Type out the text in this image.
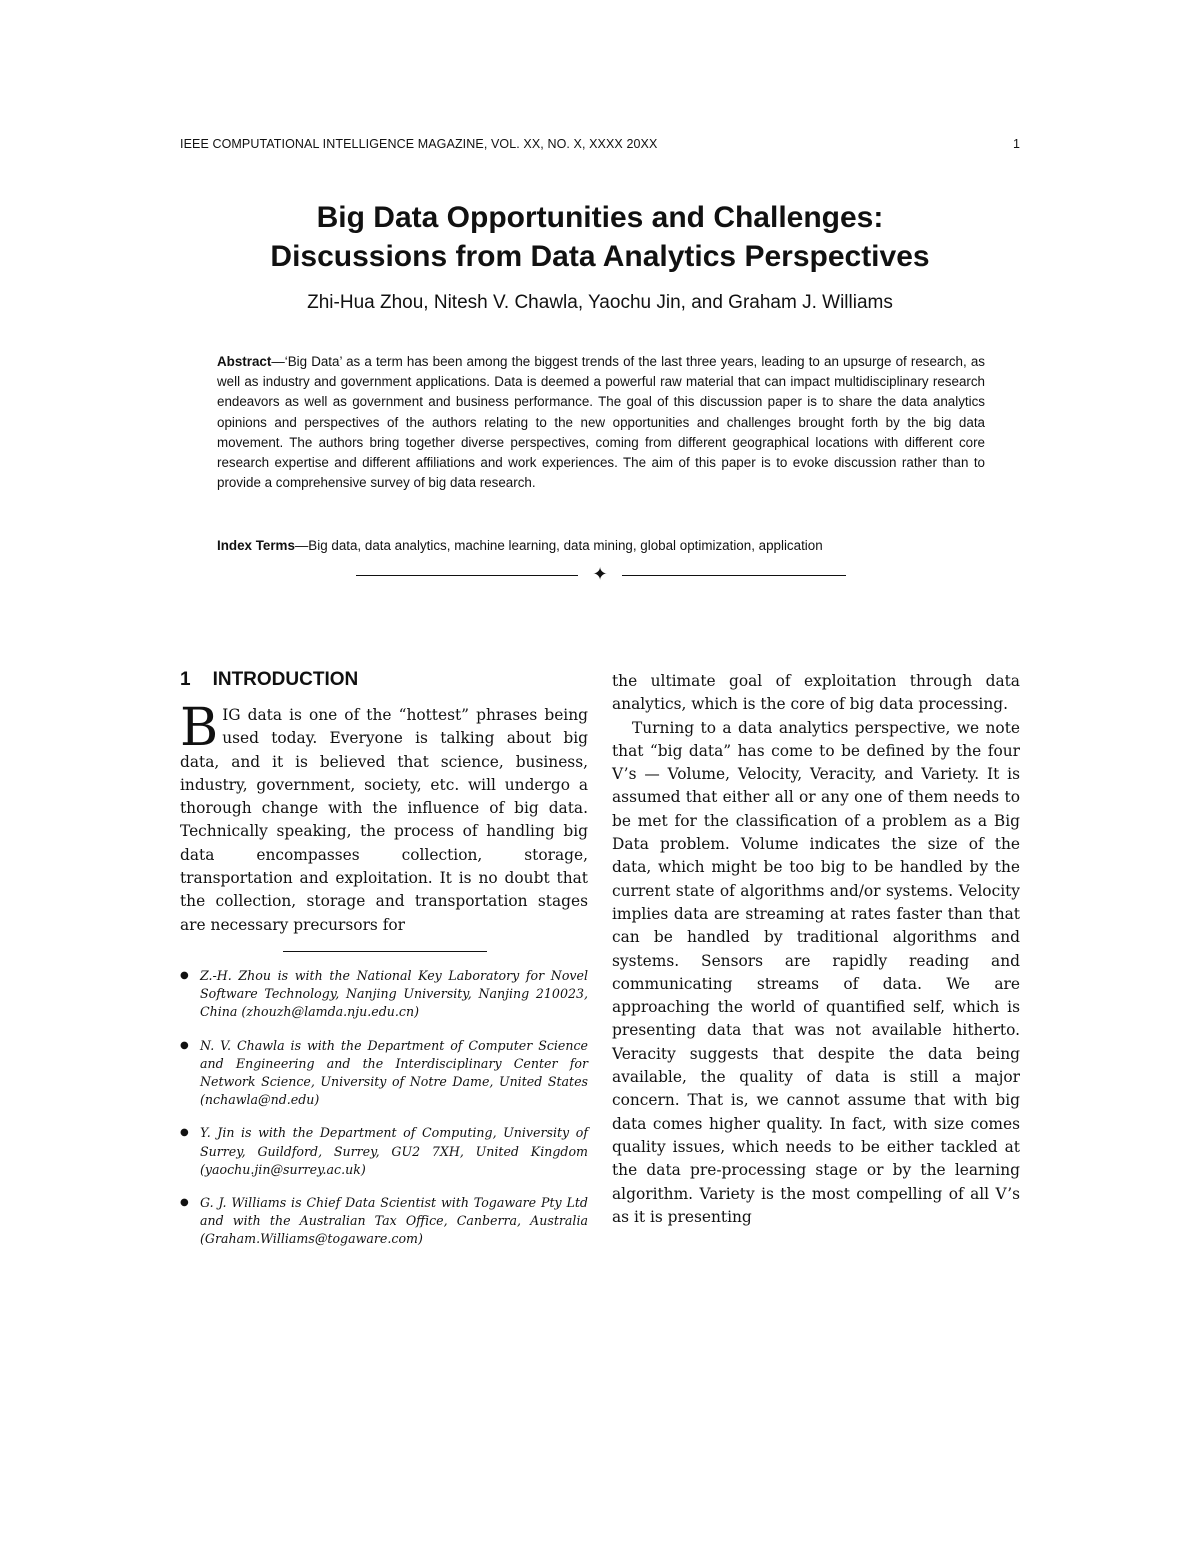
IEEE COMPUTATIONAL INTELLIGENCE MAGAZINE, VOL. XX, NO. X, XXXX 20XX	1
Big Data Opportunities and Challenges:
Discussions from Data Analytics Perspectives
Zhi-Hua Zhou, Nitesh V. Chawla, Yaochu Jin, and Graham J. Williams
Abstract—‘Big Data’ as a term has been among the biggest trends of the last three years, leading to an upsurge of research, as well as industry and government applications. Data is deemed a powerful raw material that can impact multidisciplinary research endeavors as well as government and business performance. The goal of this discussion paper is to share the data analytics opinions and perspectives of the authors relating to the new opportunities and challenges brought forth by the big data movement. The authors bring together diverse perspectives, coming from different geographical locations with different core research expertise and different affiliations and work experiences. The aim of this paper is to evoke discussion rather than to provide a comprehensive survey of big data research.
Index Terms—Big data, data analytics, machine learning, data mining, global optimization, application
✦
1 INTRODUCTION

BIG data is one of the “hottest” phrases being used today. Everyone is talking about big data, and it is believed that science, business, industry, government, society, etc. will undergo a thorough change with the influence of big data. Technically speaking, the process of handling big data encompasses collection, storage, transportation and exploitation. It is no doubt that the collection, storage and transportation stages are necessary precursors for

● Z.-H. Zhou is with the National Key Laboratory for Novel Software Technology, Nanjing University, Nanjing 210023, China (zhouzh@lamda.nju.edu.cn)
● N. V. Chawla is with the Department of Computer Science and Engineering and the Interdisciplinary Center for Network Science, University of Notre Dame, United States (nchawla@nd.edu)
● Y. Jin is with the Department of Computing, University of Surrey, Guildford, Surrey, GU2 7XH, United Kingdom (yaochu.jin@surrey.ac.uk)
● G. J. Williams is Chief Data Scientist with Togaware Pty Ltd and with the Australian Tax Office, Canberra, Australia (Graham.Williams@togaware.com)

the ultimate goal of exploitation through data analytics, which is the core of big data processing.

Turning to a data analytics perspective, we note that “big data” has come to be defined by the four V’s — Volume, Velocity, Veracity, and Variety. It is assumed that either all or any one of them needs to be met for the classification of a problem as a Big Data problem. Volume indicates the size of the data, which might be too big to be handled by the current state of algorithms and/or systems. Velocity implies data are streaming at rates faster than that can be handled by traditional algorithms and systems. Sensors are rapidly reading and communicating streams of data. We are approaching the world of quantified self, which is presenting data that was not available hitherto. Veracity suggests that despite the data being available, the quality of data is still a major concern. That is, we cannot assume that with big data comes higher quality. In fact, with size comes quality issues, which needs to be either tackled at the data pre-processing stage or by the learning algorithm. Variety is the most compelling of all V’s as it is presenting
